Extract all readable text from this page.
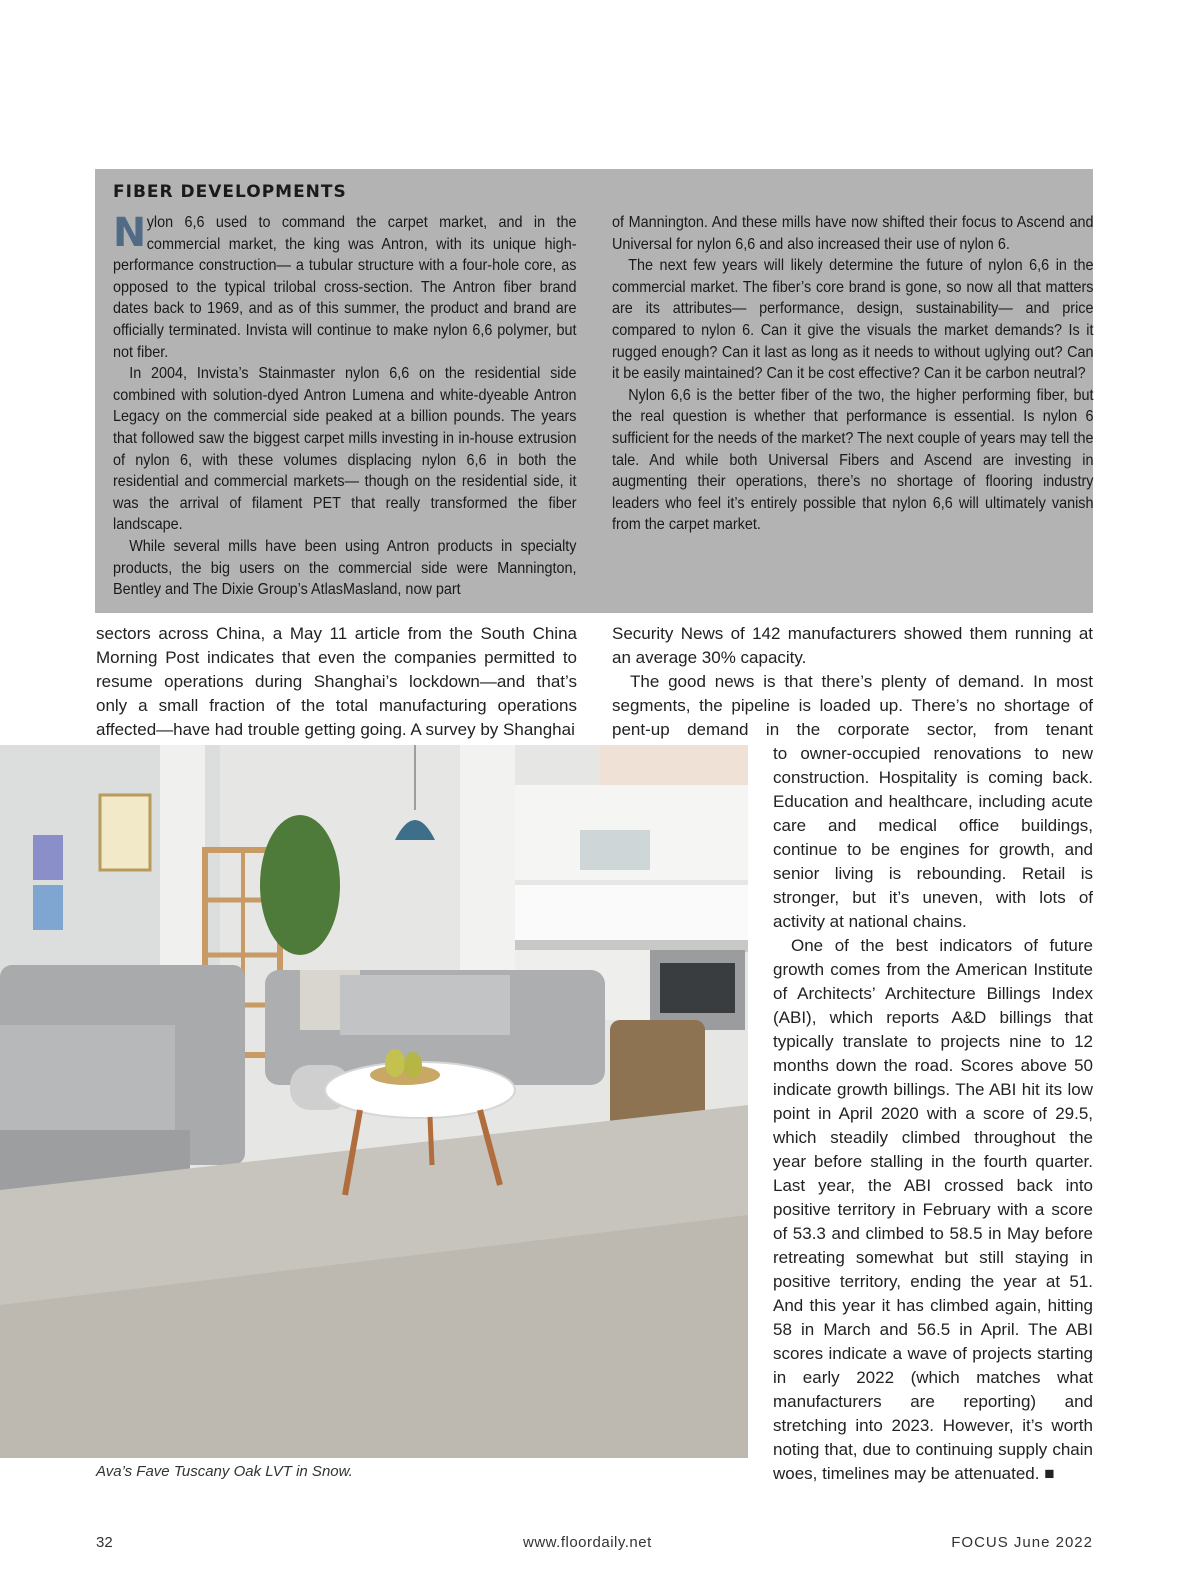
FIBER DEVELOPMENTS

Nylon 6,6 used to command the carpet market, and in the commercial market, the king was Antron, with its unique high-performance construction— a tubular structure with a four-hole core, as opposed to the typical trilobal cross-section. The Antron fiber brand dates back to 1969, and as of this summer, the product and brand are officially terminated. Invista will continue to make nylon 6,6 polymer, but not fiber.

In 2004, Invista’s Stainmaster nylon 6,6 on the residential side combined with solution-dyed Antron Lumena and white-dyeable Antron Legacy on the commercial side peaked at a billion pounds. The years that followed saw the biggest carpet mills investing in in-house extrusion of nylon 6, with these volumes displacing nylon 6,6 in both the residential and commercial markets— though on the residential side, it was the arrival of filament PET that really transformed the fiber landscape.

While several mills have been using Antron products in specialty products, the big users on the commercial side were Mannington, Bentley and The Dixie Group’s AtlasMasland, now part

of Mannington. And these mills have now shifted their focus to Ascend and Universal for nylon 6,6 and also increased their use of nylon 6.

The next few years will likely determine the future of nylon 6,6 in the commercial market. The fiber’s core brand is gone, so now all that matters are its attributes— performance, design, sustainability— and price compared to nylon 6. Can it give the visuals the market demands? Is it rugged enough? Can it last as long as it needs to without uglying out? Can it be easily maintained? Can it be cost effective? Can it be carbon neutral?

Nylon 6,6 is the better fiber of the two, the higher performing fiber, but the real question is whether that performance is essential. Is nylon 6 sufficient for the needs of the market? The next couple of years may tell the tale. And while both Universal Fibers and Ascend are investing in augmenting their operations, there’s no shortage of flooring industry leaders who feel it’s entirely possible that nylon 6,6 will ultimately vanish from the carpet market.

sectors across China, a May 11 article from the South China Morning Post indicates that even the companies permitted to resume operations during Shanghai’s lockdown—and that’s only a small fraction of the total manufacturing operations affected—have had trouble getting going. A survey by Shanghai

Security News of 142 manufacturers showed them running at an average 30% capacity.

The good news is that there’s plenty of demand. In most segments, the pipeline is loaded up. There’s no shortage of pent-up demand in the corporate sector, from tenant

to owner-occupied renovations to new construction. Hospitality is coming back. Education and healthcare, including acute care and medical office buildings, continue to be engines for growth, and senior living is rebounding. Retail is stronger, but it’s uneven, with lots of activity at national chains.

One of the best indicators of future growth comes from the American Institute of Architects’ Architecture Billings Index (ABI), which reports A&D billings that typically translate to projects nine to 12 months down the road. Scores above 50 indicate growth billings. The ABI hit its low point in April 2020 with a score of 29.5, which steadily climbed throughout the year before stalling in the fourth quarter. Last year, the ABI crossed back into positive territory in February with a score of 53.3 and climbed to 58.5 in May before retreating somewhat but still staying in positive territory, ending the year at 51. And this year it has climbed again, hitting 58 in March and 56.5 in April. The ABI scores indicate a wave of projects starting in early 2022 (which matches what manufacturers are reporting) and stretching into 2023. However, it’s worth noting that, due to continuing supply chain woes, timelines may be attenuated. ■

Ava’s Fave Tuscany Oak LVT in Snow.

32	www.floordaily.net	FOCUS June 2022
